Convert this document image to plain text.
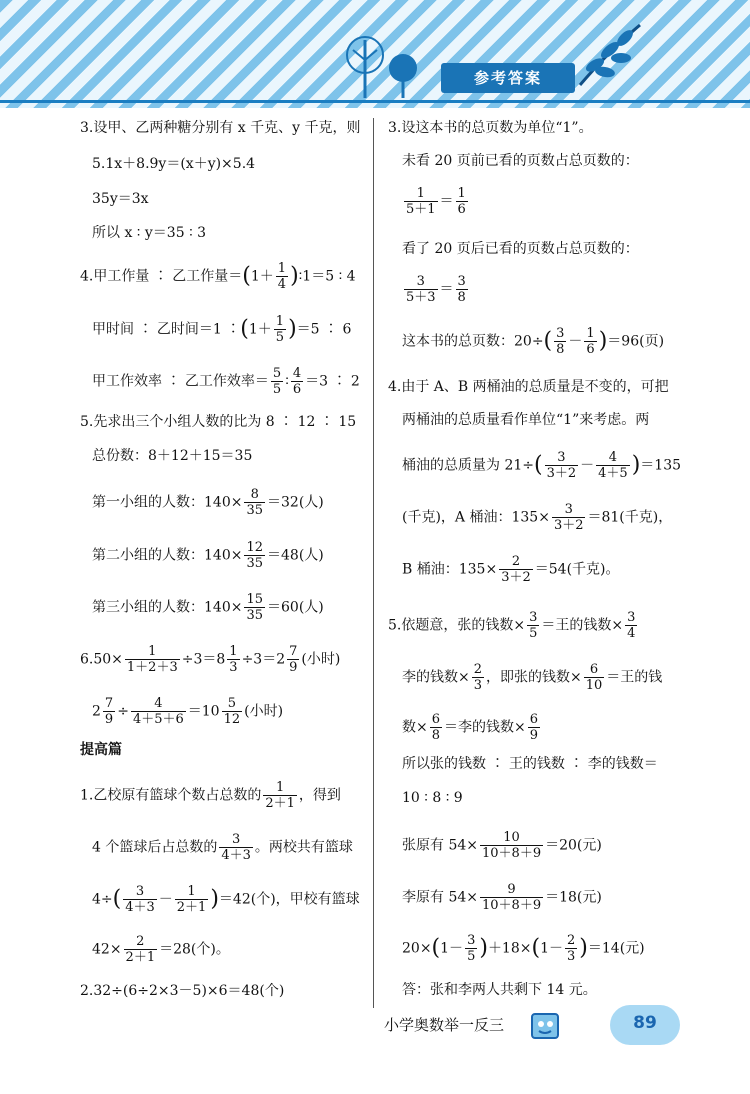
参考答案
3.设甲、乙两种糖分别有 x 千克、y 千克，则
5.1x＋8.9y＝(x＋y)×5.4
35y＝3x
所以 x ∶ y＝35 ∶ 3
4.甲工作量 ∶ 乙工作量$=(1+ \frac{1}{4}$ )∶1＝5 ∶ 4
甲时间 ∶ 乙时间＝1 ∶(1＋ $\frac{1}{5} )=5$ ∶ 6
甲工作效率 ∶ 乙工作效率＝ $\frac{5}{5}$ ∶ $\frac{4}{6} =3$ ∶ 2
5.先求出三个小组人数的比为 8 ∶ 12 ∶ 15
总份数：8＋12＋15＝35
第一小组的人数：$140\times \frac{8}{35} =32$(人)
第二小组的人数：$140\times \frac{12}{35} =48$(人)
第三小组的人数：$140\times \frac{15}{35} =60$(人)
$6.50\times \frac{1}{1+2+3} \div 3=8 \frac{1}{3} \div 3=2 \frac{7}{9}$ (小时)
$2 \frac{7}{9} \div \frac{4}{4+5+6} =10 \frac{5}{12}$ (小时)
提高篇
1.乙校原有篮球个数占总数的 $\frac{1}{2+1}$ ，得到
4 个篮球后占总数的 $\frac{3}{4+3}$ 。两校共有篮球
$4\div( \frac{3}{4+3} - \frac{1}{2+1} )=42$(个)，甲校有篮球
$42\times \frac{2}{2+1} =28$(个)。
2.32÷(6÷2×3－5)×6＝48(个)
3.设这本书的总页数为单位“1”。
未看 20 页前已看的页数占总页数的：
$\frac{1}{5+1} = \frac{1}{6}$
看了 20 页后已看的页数占总页数的：
$\frac{3}{5+3} = \frac{3}{8}$
这本书的总页数：$20\div( \frac{3}{8} - \frac{1}{6} )=96$(页)
4.由于 A、B 两桶油的总质量是不变的，可把
两桶油的总质量看作单位“1”来考虑。两
桶油的总质量为 $21\div( \frac{3}{3+2} - \frac{4}{4+5} )=135$
(千克)，A 桶油：$135\times \frac{3}{3+2} =81$(千克)，
B 桶油：$135\times \frac{2}{3+2} =54$(千克)。
5.依题意，张的钱数× $\frac{3}{5}$ ＝王的钱数× $\frac{3}{4}$
李的钱数× $\frac{2}{3}$ ，即张的钱数× $\frac{6}{10}$ ＝王的钱
数× $\frac{6}{8}$ ＝李的钱数× $\frac{6}{9}$
所以张的钱数 ∶ 王的钱数 ∶ 李的钱数＝
10 ∶ 8 ∶ 9
张原有 $54\times \frac{10}{10+8+9} =20$(元)
李原有 $54\times \frac{9}{10+8+9} =18$(元)
$20\times(1- \frac{3}{5} )+18\times(1- \frac{2}{3} )=14$(元)
答：张和李两人共剩下 14 元。
小学奥数举一反三	89
